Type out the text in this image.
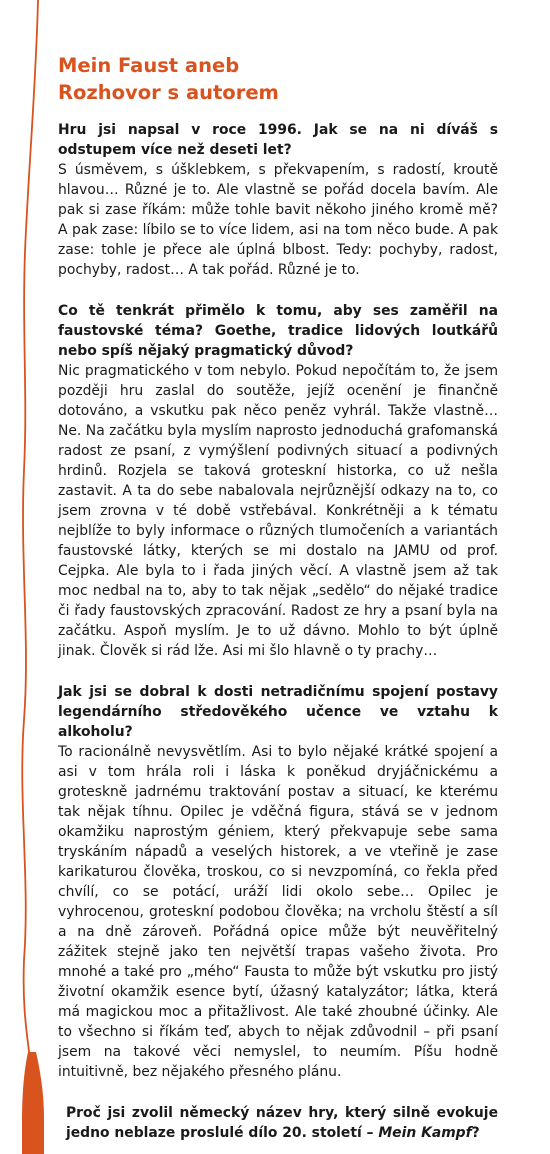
Mein Faust aneb
Rozhovor s autorem

Hru jsi napsal v roce 1996. Jak se na ni díváš s odstupem více než deseti let?

S úsměvem, s úšklebkem, s překvapením, s radostí, kroutě hlavou… Různé je to. Ale vlastně se pořád docela bavím. Ale pak si zase říkám: může tohle bavit někoho jiného kromě mě? A pak zase: líbilo se to více lidem, asi na tom něco bude. A pak zase: tohle je přece ale úplná blbost. Tedy: pochyby, radost, pochyby, radost… A tak pořád. Různé je to.

Co tě tenkrát přimělo k tomu, aby ses zaměřil na faustovské téma? Goethe, tradice lidových loutkářů nebo spíš nějaký pragmatický důvod?

Nic pragmatického v tom nebylo. Pokud nepočítám to, že jsem později hru zaslal do soutěže, jejíž ocenění je finančně dotováno, a vskutku pak něco peněz vyhrál. Takže vlastně… Ne. Na začátku byla myslím naprosto jednoduchá grafomanská radost ze psaní, z vymýšlení podivných situací a podivných hrdinů. Rozjela se taková groteskní historka, co už nešla zastavit. A ta do sebe nabalovala nejrůznější odkazy na to, co jsem zrovna v té době vstřebával. Konkrétněji a k tématu nejblíže to byly informace o různých tlumočeních a variantách faustovské látky, kterých se mi dostalo na JAMU od prof. Cejpka. Ale byla to i řada jiných věcí. A vlastně jsem až tak moc nedbal na to, aby to tak nějak „sedělo“ do nějaké tradice či řady faustovských zpracování. Radost ze hry a psaní byla na začátku. Aspoň myslím. Je to už dávno. Mohlo to být úplně jinak. Člověk si rád lže. Asi mi šlo hlavně o ty prachy…

Jak jsi se dobral k dosti netradičnímu spojení postavy legendárního středověkého učence ve vztahu k alkoholu?

To racionálně nevysvětlím. Asi to bylo nějaké krátké spojení a asi v tom hrála roli i láska k poněkud dryjáčnickému a groteskně jadrnému traktování postav a situací, ke kterému tak nějak tíhnu. Opilec je vděčná figura, stává se v jednom okamžiku naprostým géniem, který překvapuje sebe sama tryskáním nápadů a veselých historek, a ve vteřině je zase karikaturou člověka, troskou, co si nevzpomíná, co řekla před chvílí, co se potácí, uráží lidi okolo sebe… Opilec je vyhrocenou, groteskní podobou člověka; na vrcholu štěstí a síl a na dně zároveň. Pořádná opice může být neuvěřitelný zážitek stejně jako ten největší trapas vašeho života. Pro mnohé a také pro „mého“ Fausta to může být vskutku pro jistý životní okamžik esence bytí, úžasný katalyzátor; látka, která má magickou moc a přitažlivost. Ale také zhoubné účinky. Ale to všechno si říkám teď, abych to nějak zdůvodnil – při psaní jsem na takové věci nemyslel, to neumím. Píšu hodně intuitivně, bez nějakého přesného plánu.

Proč jsi zvolil německý název hry, který silně evokuje jedno neblaze proslulé dílo 20. století – Mein Kampf?
